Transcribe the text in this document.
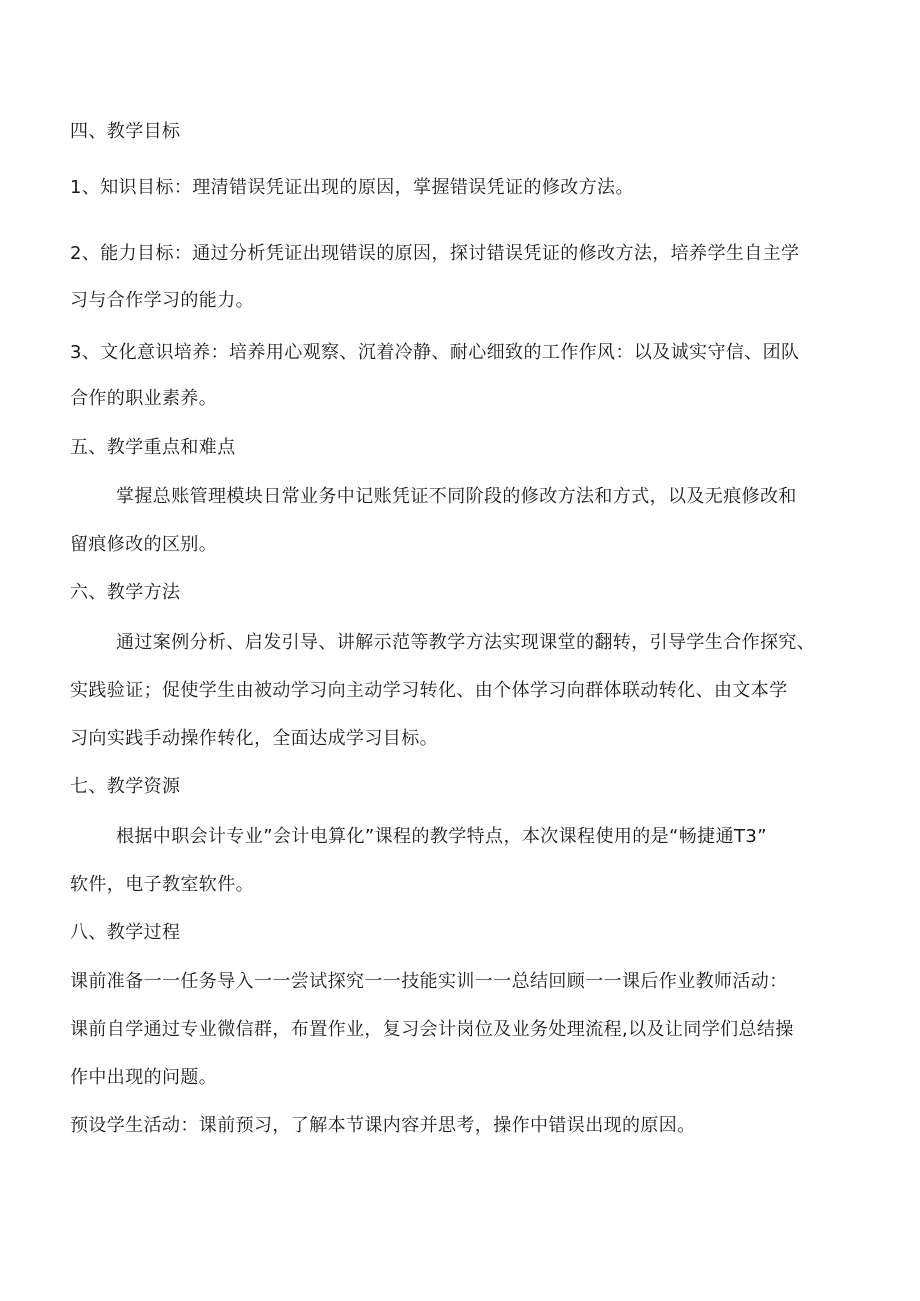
四、教学目标
1、知识目标：理清错误凭证出现的原因，掌握错误凭证的修改方法。
2、能力目标：通过分析凭证出现错误的原因，探讨错误凭证的修改方法，培养学生自主学
习与合作学习的能力。
3、文化意识培养：培养用心观察、沉着冷静、耐心细致的工作作风：以及诚实守信、团队
合作的职业素养。
五、教学重点和难点
掌握总账管理模块日常业务中记账凭证不同阶段的修改方法和方式，以及无痕修改和
留痕修改的区别。
六、教学方法
通过案例分析、启发引导、讲解示范等教学方法实现课堂的翻转，引导学生合作探究、
实践验证；促使学生由被动学习向主动学习转化、由个体学习向群体联动转化、由文本学
习向实践手动操作转化，全面达成学习目标。
七、教学资源
根据中职会计专业”会计电算化”课程的教学特点，本次课程使用的是“畅捷通T3”
软件，电子教室软件。
八、教学过程
课前准备一一任务导入一一尝试探究一一技能实训一一总结回顾一一课后作业教师活动：
课前自学通过专业微信群，布置作业，复习会计岗位及业务处理流程,以及让同学们总结操
作中出现的问题。
预设学生活动：课前预习，了解本节课内容并思考，操作中错误出现的原因。
